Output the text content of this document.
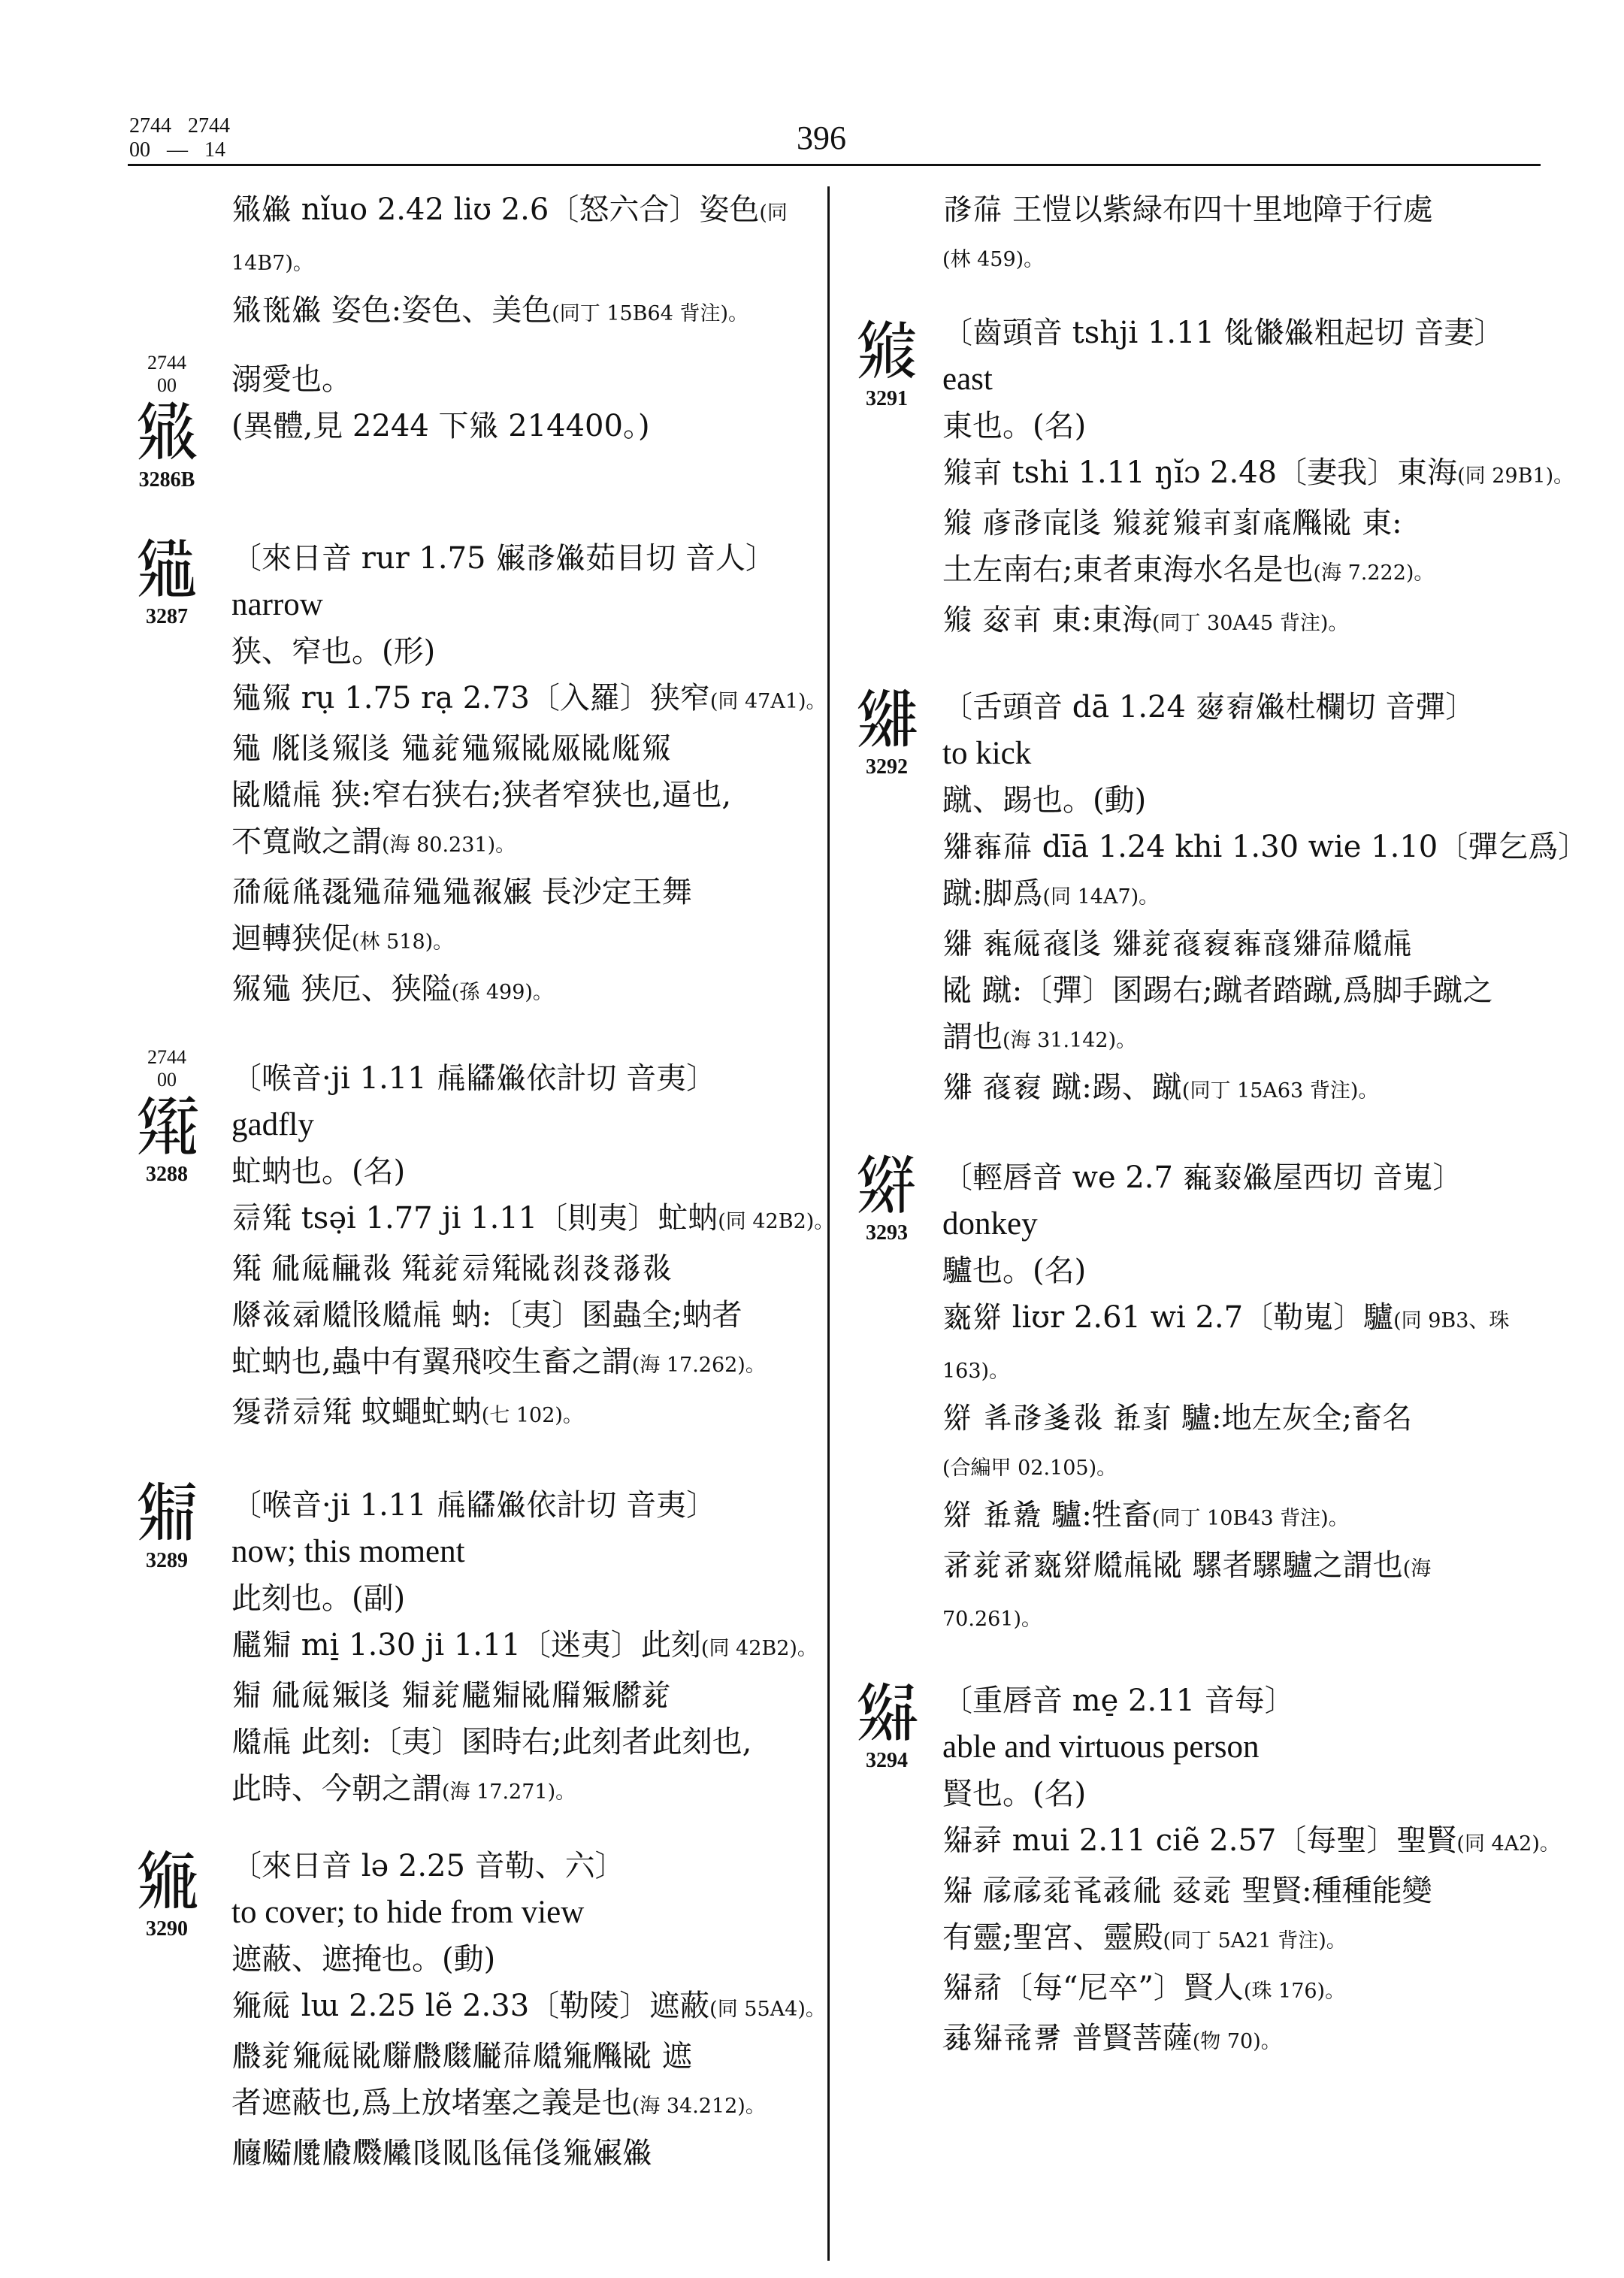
2744 2744
00 — 14	396
𗋒𗏹 nǐuo 2.42 liʊ 2.6〔怒六合〕姿色(同
14B7)。
𗋒𗍊𗏹 姿色:姿色、美色(同丁 15B64 背注)。
2744
00
𗋒
3286B
溺愛也。
(異體,見 2244 下𗋒 214400。)
𗋓
3287
〔來日音 rur 1.75 𗏷𗰔𗏹茹目切 音人〕
narrow
狭、窄也。(形)
𗋓𗋔 rụ 1.75 rạ 2.73〔入羅〕狭窄(同 47A1)。
𗋓 𗅋𗁅𗋔𗁅 𗋓𗐱𗋓𗋔𗎫𗄢𗎫𗅉𗋔
𗎫𗆮𗍫 狭:窄右狭右;狭者窄狭也,逼也,
不寬敞之謂(海 80.231)。
𗗙𗏁𗎿𗖰𗋓𗗚𗋓𗋓𗖱𗏷 長沙定王舞
迴轉狭促(林 518)。
𗋔𗋓 狭厄、狭隘(孫 499)。
2744
00
𗋕
3288
〔喉音·ji 1.11 𗍫𗎳𗏹依計切 音夷〕
gadfly
虻蚋也。(名)
𗄂𗋕 tsə̣i 1.77 ji 1.11〔則夷〕虻蚋(同 42B2)。
𗋕 𗏀𗏁𗍳𗖃 𗋕𗐱𗄂𗋕𗎫𗖄𗖅𗖆𗖃
𗆛𗐲𗄃𗆮𗁆𗆮𗍫 蚋:〔夷〕圂蟲全;蚋者
虻蚋也,蟲中有翼飛咬生畜之謂(海 17.262)。
𗋖𗖇𗄂𗋕 蚊蠅虻蚋(七 102)。
𗋗
3289
〔喉音·ji 1.11 𗍫𗎳𗏹依計切 音夷〕
now; this moment
此刻也。(副)
𗆵𗋗 mi̠ 1.30 ji 1.11〔迷夷〕此刻(同 42B2)。
𗋗 𗏀𗏁𗋘𗁅 𗋗𗐱𗆵𗋗𗎫𗆶𗋘𗆷𗐱
𗆮𗍫 此刻:〔夷〕圂時右;此刻者此刻也,
此時、今朝之謂(海 17.271)。
𗋙
3290
〔來日音 lə 2.25 音勒、六〕
to cover; to hide from view
遮蔽、遮掩也。(動)
𗋙𗏁 lɯ 2.25 lẽ 2.33〔勒陵〕遮蔽(同 55A4)。
𗆸𗐱𗋙𗏁𗎫𗆹𗆸𗆺𗆻𗗚𗆮𗋙𗆼𗎫 遮
者遮蔽也,爲上放堵塞之義是也(海 34.212)。
𗆽𗆾𗆿𗇀𗇁𗇂𗇃𗇄𗇅𗇆𗇇𗋙𗏷𗏹
𗰔𗗚 王愷以紫緑布四十里地障于行處
(林 459)。
𗋚
3291
〔齒頭音 tshji 1.11 𗇈𗇉𗏹粗起切 音妻〕
east
東也。(名)
𗋚𗇊 tshi 1.11 ŋĭɔ 2.48〔妻我〕東海(同 29B1)。
𗋚 𗇋𗰔𗇌𗁅 𗋚𗐱𗋚𗇊𗇍𗇎𗆼𗎫 東:
土左南右;東者東海水名是也(海 7.222)。
𗋚 𗇏𗇊 東:東海(同丁 30A45 背注)。
𗋛
3292
〔舌頭音 dā 1.24 𗇐𗇑𗏹杜欄切 音彈〕
to kick
蹴、踢也。(動)
𗋛𗇒𗗚 dīā 1.24 khi 1.30 wie 1.10〔彈乞爲〕
蹴:脚爲(同 14A7)。
𗋛 𗇓𗏁𗇔𗁅 𗋛𗐱𗇔𗇕𗇒𗇖𗋛𗗚𗆮𗍫
𗎫 蹴:〔彈〕圂踢右;蹴者踏蹴,爲脚手蹴之
謂也(海 31.142)。
𗋛 𗇔𗇕 蹴:踢、蹴(同丁 15A63 背注)。
𗋜
3293
〔輕唇音 we 2.7 𗇗𗇘𗏹屋西切 音嵬〕
donkey
驢也。(名)
𗇙𗋜 liʊr 2.61 wi 2.7〔勒嵬〕驢(同 9B3、珠
163)。
𗋜 𗇚𗰔𗇛𗖃 𗇜𗇍 驢:地左灰全;畜名
(合編甲 02.105)。
𗋜 𗇜𗇝 驢:牲畜(同丁 10B43 背注)。
𗇞𗐱𗇞𗇙𗋜𗆮𗍫𗎫 騾者騾驢之謂也(海
70.261)。
𗋝
3294
〔重唇音 me̠ 2.11 音每〕
able and virtuous person
賢也。(名)
𗋝𗇟 mui 2.11 ciẽ 2.57〔每聖〕聖賢(同 4A2)。
𗋝 𗇠𗇠𗇡𗇢𗇣𗏀 𗇤𗇥 聖賢:種種能變
有靈;聖宮、靈殿(同丁 5A21 背注)。
𗋝𗇦〔每“尼卒”〕賢人(珠 176)。
𗇧𗋝𗇨𗇩 普賢菩薩(物 70)。
